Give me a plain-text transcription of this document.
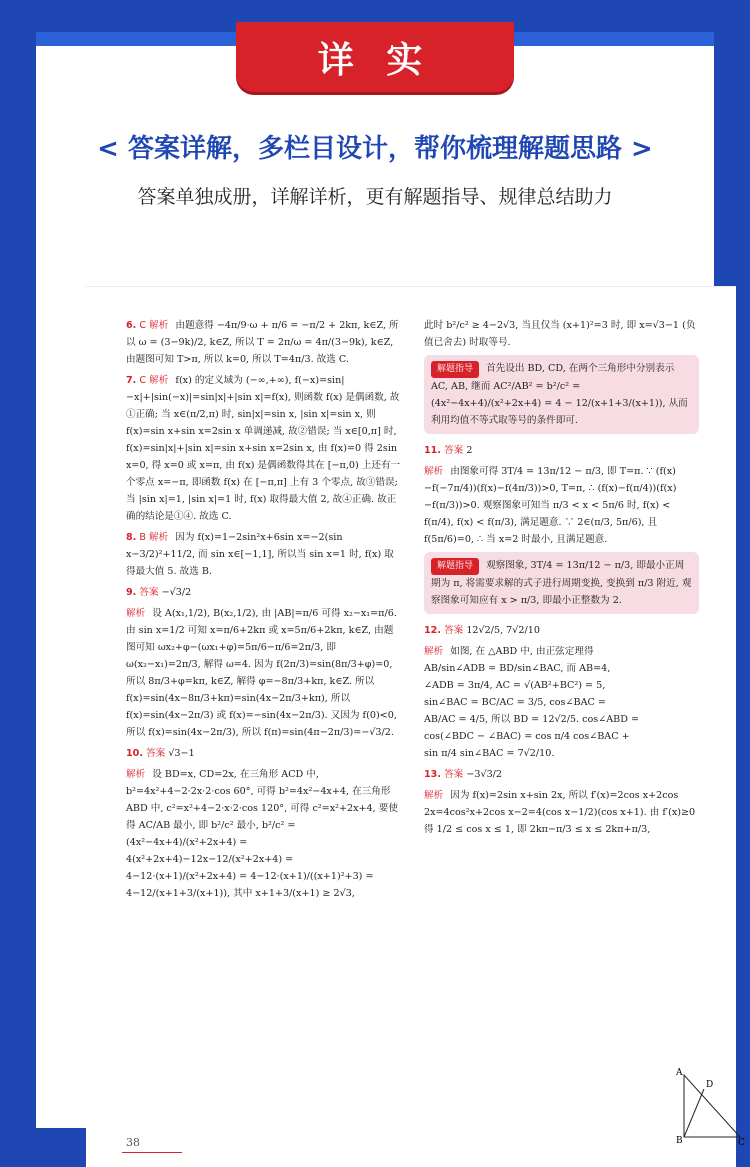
< 答案详解，多栏目设计，帮你梳理解题思路 >
答案单独成册，详解详析，更有解题指导、规律总结助力
6. C 解析 由题意得 −4π/9·ω + π/6 = −π/2 + 2kπ, k∈Z, 所以 ω = (3−9k)/2, k∈Z, 所以 T = 2π/ω = 4π/(3−9k), k∈Z, 由题图可知 T>π, 所以 k=0, 所以 T=4π/3. 故选 C.
7. C 解析 f(x) 的定义域为 (−∞,+∞), f(−x)=sin|−x|+|sin(−x)|=sin|x|+|sin x|=f(x), 则函数 f(x) 是偶函数, 故①正确; 当 x∈(π/2,π) 时, sin|x|=sin x, |sin x|=sin x, 则 f(x)=sin x+sin x=2sin x 单调递减, 故②错误; 当 x∈[0,π] 时, f(x)=sin|x|+|sin x|=sin x+sin x=2sin x, 由 f(x)=0 得 2sin x=0, 得 x=0 或 x=π, 由 f(x) 是偶函数得其在 [−π,0) 上还有一个零点 x=−π, 即函数 f(x) 在 [−π,π] 上有 3 个零点, 故③错误; 当 |sin x|=1, |sin x|=1 时, f(x) 取得最大值 2, 故④正确. 故正确的结论是①④. 故选 C.
8. B 解析 因为 f(x)=1−2sin²x+6sin x=−2(sin x−3/2)²+11/2, 而 sin x∈[−1,1], 所以当 sin x=1 时, f(x) 取得最大值 5. 故选 B.
9. 答案 −√3/2
解析 设 A(x₁,1/2), B(x₂,1/2), 由 |AB|=π/6 可得 x₂−x₁=π/6. 由 sin x=1/2 可知 x=π/6+2kπ 或 x=5π/6+2kπ, k∈Z, 由题图可知 ωx₂+φ−(ωx₁+φ)=5π/6−π/6=2π/3, 即 ω(x₂−x₁)=2π/3, 解得 ω=4. 因为 f(2π/3)=sin(8π/3+φ)=0, 所以 8π/3+φ=kπ, k∈Z, 解得 φ=−8π/3+kπ, k∈Z. 所以 f(x)=sin(4x−8π/3+kπ)=sin(4x−2π/3+kπ), 所以 f(x)=sin(4x−2π/3) 或 f(x)=−sin(4x−2π/3). 又因为 f(0)<0, 所以 f(x)=sin(4x−2π/3), 所以 f(π)=sin(4π−2π/3)=−√3/2.
10. 答案 √3−1
解析 设 BD=x, CD=2x, 在三角形 ACD 中, b²=4x²+4−2·2x·2·cos 60°, 可得 b²=4x²−4x+4, 在三角形 ABD 中, c²=x²+4−2·x·2·cos 120°, 可得 c²=x²+2x+4, 要使得 AC/AB 最小, 即 b²/c² 最小, b²/c² = (4x²−4x+4)/(x²+2x+4) = 4(x²+2x+4)−12x−12/(x²+2x+4) = 4−12·(x+1)/(x²+2x+4) = 4−12·(x+1)/((x+1)²+3) = 4−12/(x+1+3/(x+1)), 其中 x+1+3/(x+1) ≥ 2√3,
此时 b²/c² ≥ 4−2√3, 当且仅当 (x+1)²=3 时, 即 x=√3−1 (负值已舍去) 时取等号.
解题指导 首先设出 BD, CD, 在两个三角形中分别表示 AC, AB, 继而 AC²/AB² = b²/c² = (4x²−4x+4)/(x²+2x+4) = 4 − 12/(x+1+3/(x+1)), 从而利用均值不等式取等号的条件即可.
11. 答案 2
解析 由图象可得 3T/4 = 13π/12 − π/3, 即 T=π. ∵ (f(x)−f(−7π/4))(f(x)−f(4π/3))>0, T=π, ∴ (f(x)−f(π/4))(f(x)−f(π/3))>0. 观察图象可知当 π/3 < x < 5π/6 时, f(x) < f(π/4), f(x) < f(π/3), 满足题意. ∵ 2∈(π/3, 5π/6), 且 f(5π/6)=0, ∴ 当 x=2 时最小, 且满足题意.
解题指导 观察图象, 3T/4 = 13π/12 − π/3, 即最小正周期为 π, 将需要求解的式子进行周期变换, 变换到 π/3 附近, 观察图象可知应有 x > π/3, 即最小正整数为 2.
12. 答案 12√2/5, 7√2/10
解析 如图, 在 △ABD 中, 由正弦定理得 AB/sin∠ADB = BD/sin∠BAC, 而 AB=4, ∠ADB = 3π/4, AC = √(AB²+BC²) = 5, sin∠BAC = BC/AC = 3/5, cos∠BAC = AB/AC = 4/5, 所以 BD = 12√2/5. cos∠ABD = cos(∠BDC − ∠BAC) = cos π/4 cos∠BAC + sin π/4 sin∠BAC = 7√2/10.
13. 答案 −3√3/2
解析 因为 f(x)=2sin x+sin 2x, 所以 f′(x)=2cos x+2cos 2x=4cos²x+2cos x−2=4(cos x−1/2)(cos x+1). 由 f′(x)≥0 得 1/2 ≤ cos x ≤ 1, 即 2kπ−π/3 ≤ x ≤ 2kπ+π/3,
A
B	C
D
38
详 实
